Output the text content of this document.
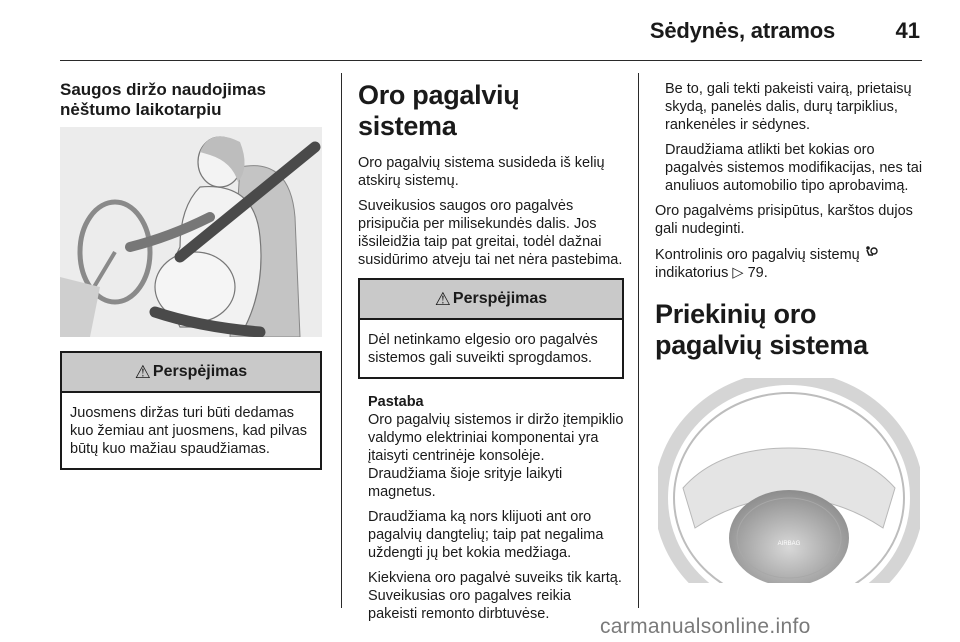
Sėdynės, atramos	41
Saugos diržo naudojimas nėštumo laikotarpiu
⚠ Perspėjimas
Juosmens diržas turi būti dedamas kuo žemiau ant juosmens, kad pilvas būtų kuo mažiau spaudžiamas.
Oro pagalvių sistema

Oro pagalvių sistema susideda iš kelių atskirų sistemų.

Suveikusios saugos oro pagalvės prisipučia per milisekundės dalis. Jos išsileidžia taip pat greitai, todėl dažnai susidūrimo atveju tai net nėra pastebima.

⚠ Perspėjimas
Dėl netinkamo elgesio oro pagalvės sistemos gali suveikti sprogdamos.

Pastaba

Oro pagalvių sistemos ir diržo įtempiklio valdymo elektriniai komponentai yra įtaisyti centrinėje konsolėje. Draudžiama šioje srityje laikyti magnetus.

Draudžiama ką nors klijuoti ant oro pagalvių dangtelių; taip pat negalima uždengti jų bet kokia medžiaga.

Kiekviena oro pagalvė suveiks tik kartą. Suveikusias oro pagalves reikia pakeisti remonto dirbtuvėse.

Be to, gali tekti pakeisti vairą, prietaisų skydą, panelės dalis, durų tarpiklius, rankenėles ir sėdynes.

Draudžiama atlikti bet kokias oro pagalvės sistemos modifikacijas, nes tai anuliuos automobilio tipo aprobavimą.

Oro pagalvėms prisipūtus, karštos dujos gali nudeginti.

Kontrolinis oro pagalvių sistemų
indikatorius ▷ 79.

Priekinių oro pagalvių sistema
AIRBAG
carmanualsonline.info
